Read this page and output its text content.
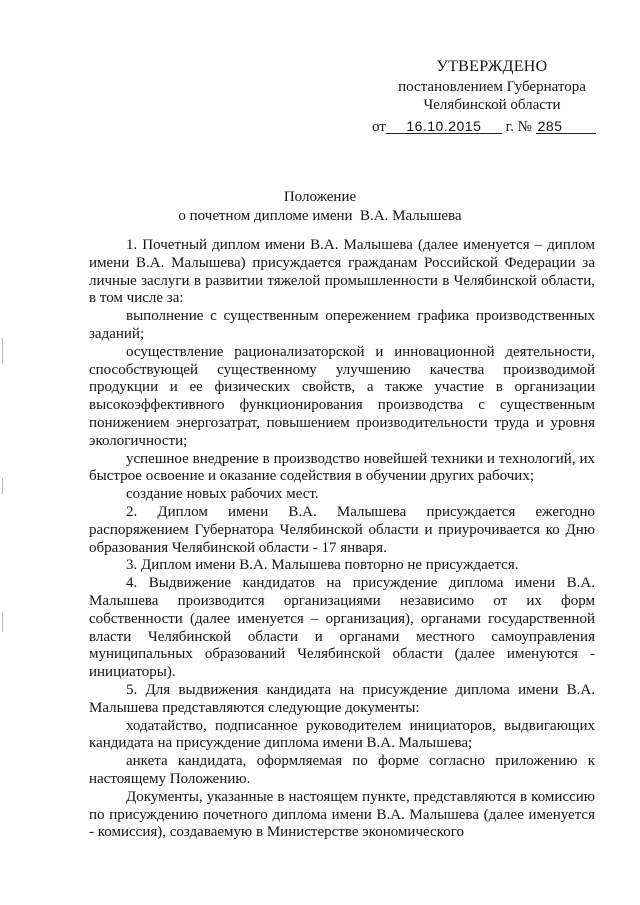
УТВЕРЖДЕНО
постановлением Губернатора
Челябинской области
от 16.10.2015 г. № 285
Положение
о почетном дипломе имени  В.А. Малышева

1. Почетный диплом имени В.А. Малышева (далее именуется – диплом имени В.А. Малышева) присуждается гражданам Российской Федерации за личные заслуги в развитии тяжелой промышленности в Челябинской области, в том числе за:

выполнение с существенным опережением графика производственных заданий;

осуществление рационализаторской и инновационной деятельности, способствующей существенному улучшению качества производимой продукции и ее физических свойств, а также участие в организации высокоэффективного функционирования производства с существенным понижением энергозатрат, повышением производительности труда и уровня экологичности;

успешное внедрение в производство новейшей техники и технологий, их быстрое освоение и оказание содействия в обучении других рабочих;

создание новых рабочих мест.

2. Диплом имени В.А. Малышева присуждается ежегодно распоряжением Губернатора Челябинской области и приурочивается ко Дню образования Челябинской области - 17 января.

3. Диплом имени В.А. Малышева повторно не присуждается.

4. Выдвижение кандидатов на присуждение диплома имени В.А. Малышева производится организациями независимо от их форм собственности (далее именуется – организация), органами государственной власти Челябинской области и органами местного самоуправления муниципальных образований Челябинской области (далее именуются - инициаторы).

5. Для выдвижения кандидата на присуждение диплома имени В.А. Малышева представляются следующие документы:

ходатайство, подписанное руководителем инициаторов, выдвигающих кандидата на присуждение диплома имени В.А. Малышева;

анкета кандидата, оформляемая по форме согласно приложению к настоящему Положению.

Документы, указанные в настоящем пункте, представляются в комиссию по присуждению почетного диплома имени В.А. Малышева (далее именуется - комиссия), создаваемую в Министерстве экономического
